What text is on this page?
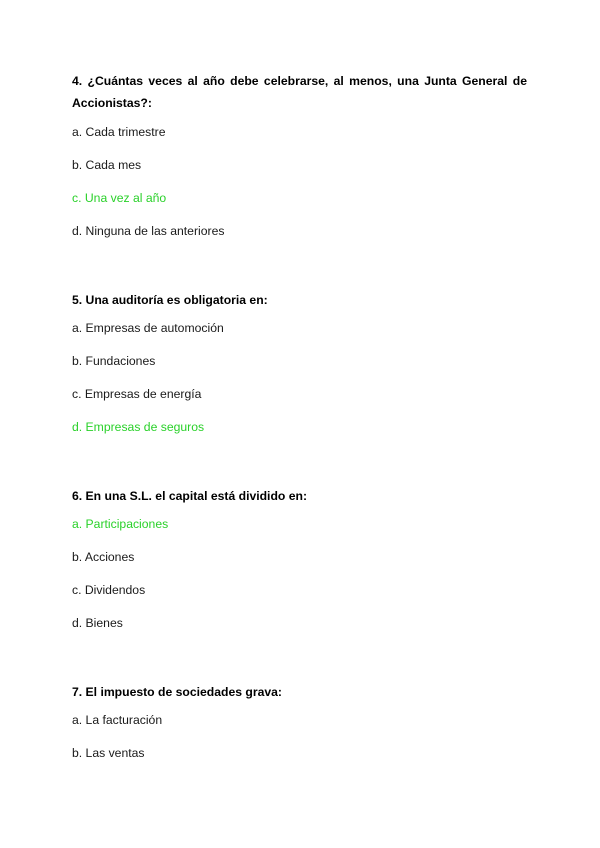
4. ¿Cuántas veces al año debe celebrarse, al menos, una Junta General de Accionistas?:

a. Cada trimestre

b. Cada mes

c. Una vez al año

d. Ninguna de las anteriores

5. Una auditoría es obligatoria en:

a. Empresas de automoción

b. Fundaciones

c. Empresas de energía

d. Empresas de seguros

6. En una S.L. el capital está dividido en:

a. Participaciones

b. Acciones

c. Dividendos

d. Bienes

7. El impuesto de sociedades grava:

a. La facturación

b. Las ventas
